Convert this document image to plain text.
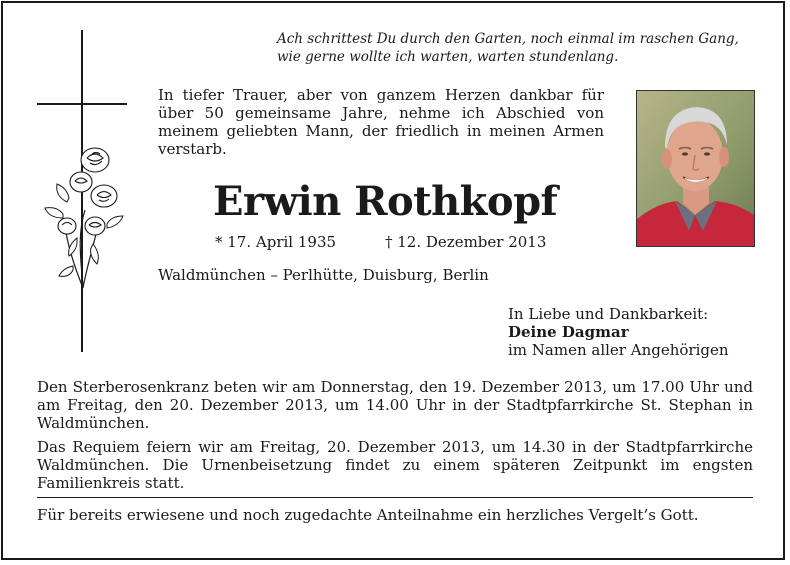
Ach schrittest Du durch den Garten, noch einmal im raschen Gang,
wie gerne wollte ich warten, warten stundenlang.
In tiefer Trauer, aber von ganzem Herzen dankbar für über 50 gemeinsame Jahre, nehme ich Abschied von meinem geliebten Mann, der friedlich in meinen Armen verstarb.
Erwin Rothkopf
* 17. April 1935	† 12. Dezember 2013
Waldmünchen – Perlhütte, Duisburg, Berlin
In Liebe und Dankbarkeit:
Deine Dagmar
im Namen aller Angehörigen
Den Sterberosenkranz beten wir am Donnerstag, den 19. Dezember 2013, um 17.00 Uhr und am Freitag, den 20. Dezember 2013, um 14.00 Uhr in der Stadtpfarrkirche St. Stephan in Waldmünchen.
Das Requiem feiern wir am Freitag, 20. Dezember 2013, um 14.30 in der Stadtpfarrkirche Waldmünchen. Die Urnenbeisetzung findet zu einem späteren Zeitpunkt im engsten Familienkreis statt.
Für bereits erwiesene und noch zugedachte Anteilnahme ein herzliches Vergelt’s Gott.
